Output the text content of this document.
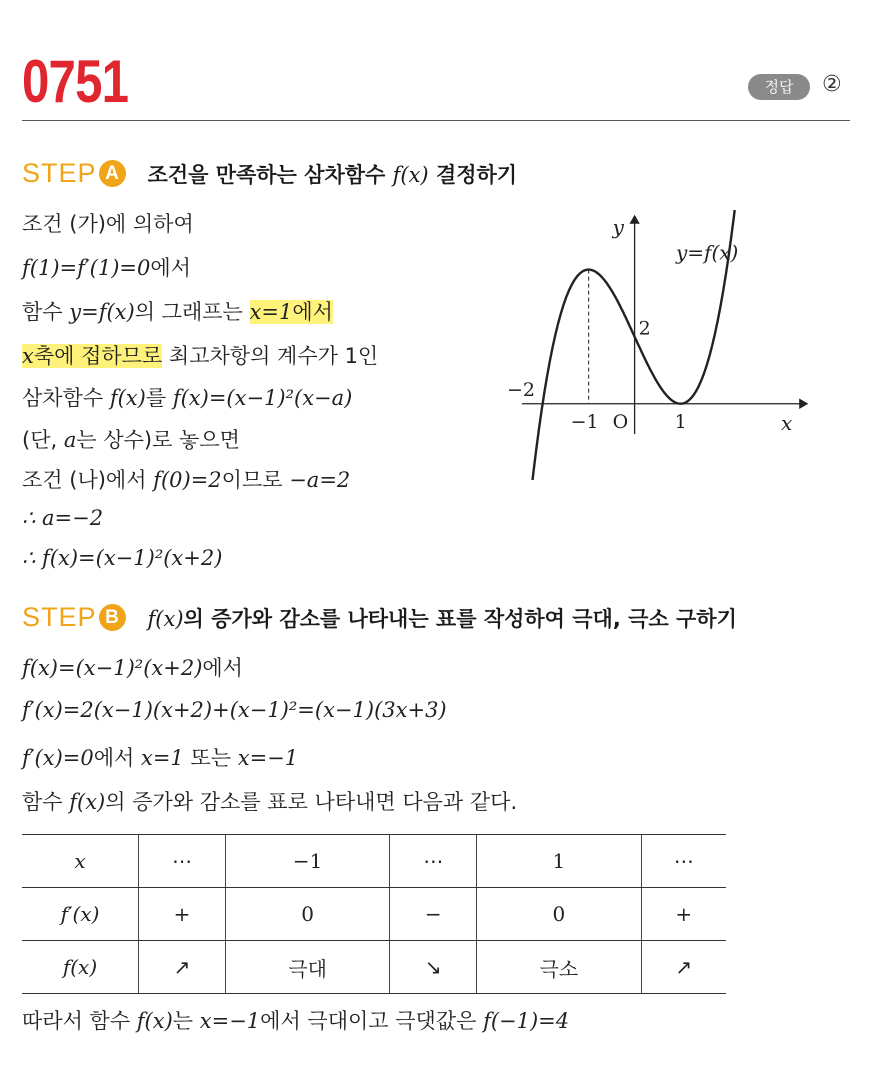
0751	정답	②
STEP A	조건을 만족하는 삼차함수 f(x) 결정하기
조건 (가)에 의하여
f(1)=f′(1)=0에서
함수 y=f(x)의 그래프는 x=1에서
x축에 접하므로 최고차항의 계수가 1인
삼차함수 f(x)를 f(x)=(x−1)²(x−a)
(단, a는 상수)로 놓으면
조건 (나)에서 f(0)=2이므로 −a=2
∴ a=−2
∴ f(x)=(x−1)²(x+2)
y
x
y=f(x)
O
−1	1
2
−2
STEP B	f(x)의 증가와 감소를 나타내는 표를 작성하여 극대, 극소 구하기
f(x)=(x−1)²(x+2)에서
f′(x)=2(x−1)(x+2)+(x−1)²=(x−1)(3x+3)
f′(x)=0에서 x=1 또는 x=−1
함수 f(x)의 증가와 감소를 표로 나타내면 다음과 같다.
x	⋯	−1	⋯	1	⋯
f′(x)	+	0	−	0	+
f(x)	↗	극대	↘	극소	↗
따라서 함수 f(x)는 x=−1에서 극대이고 극댓값은 f(−1)=4
